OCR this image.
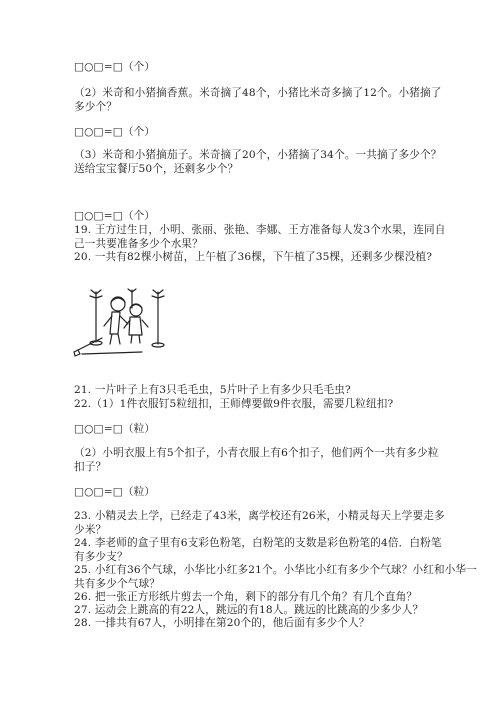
□○□=□（个）
（2）米奇和小猪摘香蕉。米奇摘了48个，小猪比米奇多摘了12个。小猪摘了
多少个？
□○□=□（个）
（3）米奇和小猪摘茄子。米奇摘了20个，小猪摘了34个。一共摘了多少个？
送给宝宝餐厅50个，还剩多少个？
□○□=□（个）
19. 王方过生日，小明、张丽、张艳、李娜、王方准备每人发3个水果，连同自
己一共要准备多少个水果？
20. 一共有82棵小树苗，上午植了36棵，下午植了35棵，还剩多少棵没植?
21. 一片叶子上有3只毛毛虫，5片叶子上有多少只毛毛虫?
22.（1）1件衣服钉5粒纽扣，王师傅要做9件衣服，需要几粒纽扣?
□○□=□（粒）
（2）小明衣服上有5个扣子，小青衣服上有6个扣子，他们两个一共有多少粒
扣子？
□○□=□（粒）
23. 小精灵去上学，已经走了43米，离学校还有26米，小精灵每天上学要走多
少米？
24. 李老师的盒子里有6支彩色粉笔，白粉笔的支数是彩色粉笔的4倍．白粉笔
有多少支？
25. 小红有36个气球，小华比小红多21个。小华比小红有多少个气球？小红和小华一
共有多少个气球？
26. 把一张正方形纸片剪去一个角，剩下的部分有几个角？有几个直角？
27. 运动会上跳高的有22人，跳远的有18人。跳远的比跳高的少多少人？
28. 一排共有67人，小明排在第20个的，他后面有多少个人？
